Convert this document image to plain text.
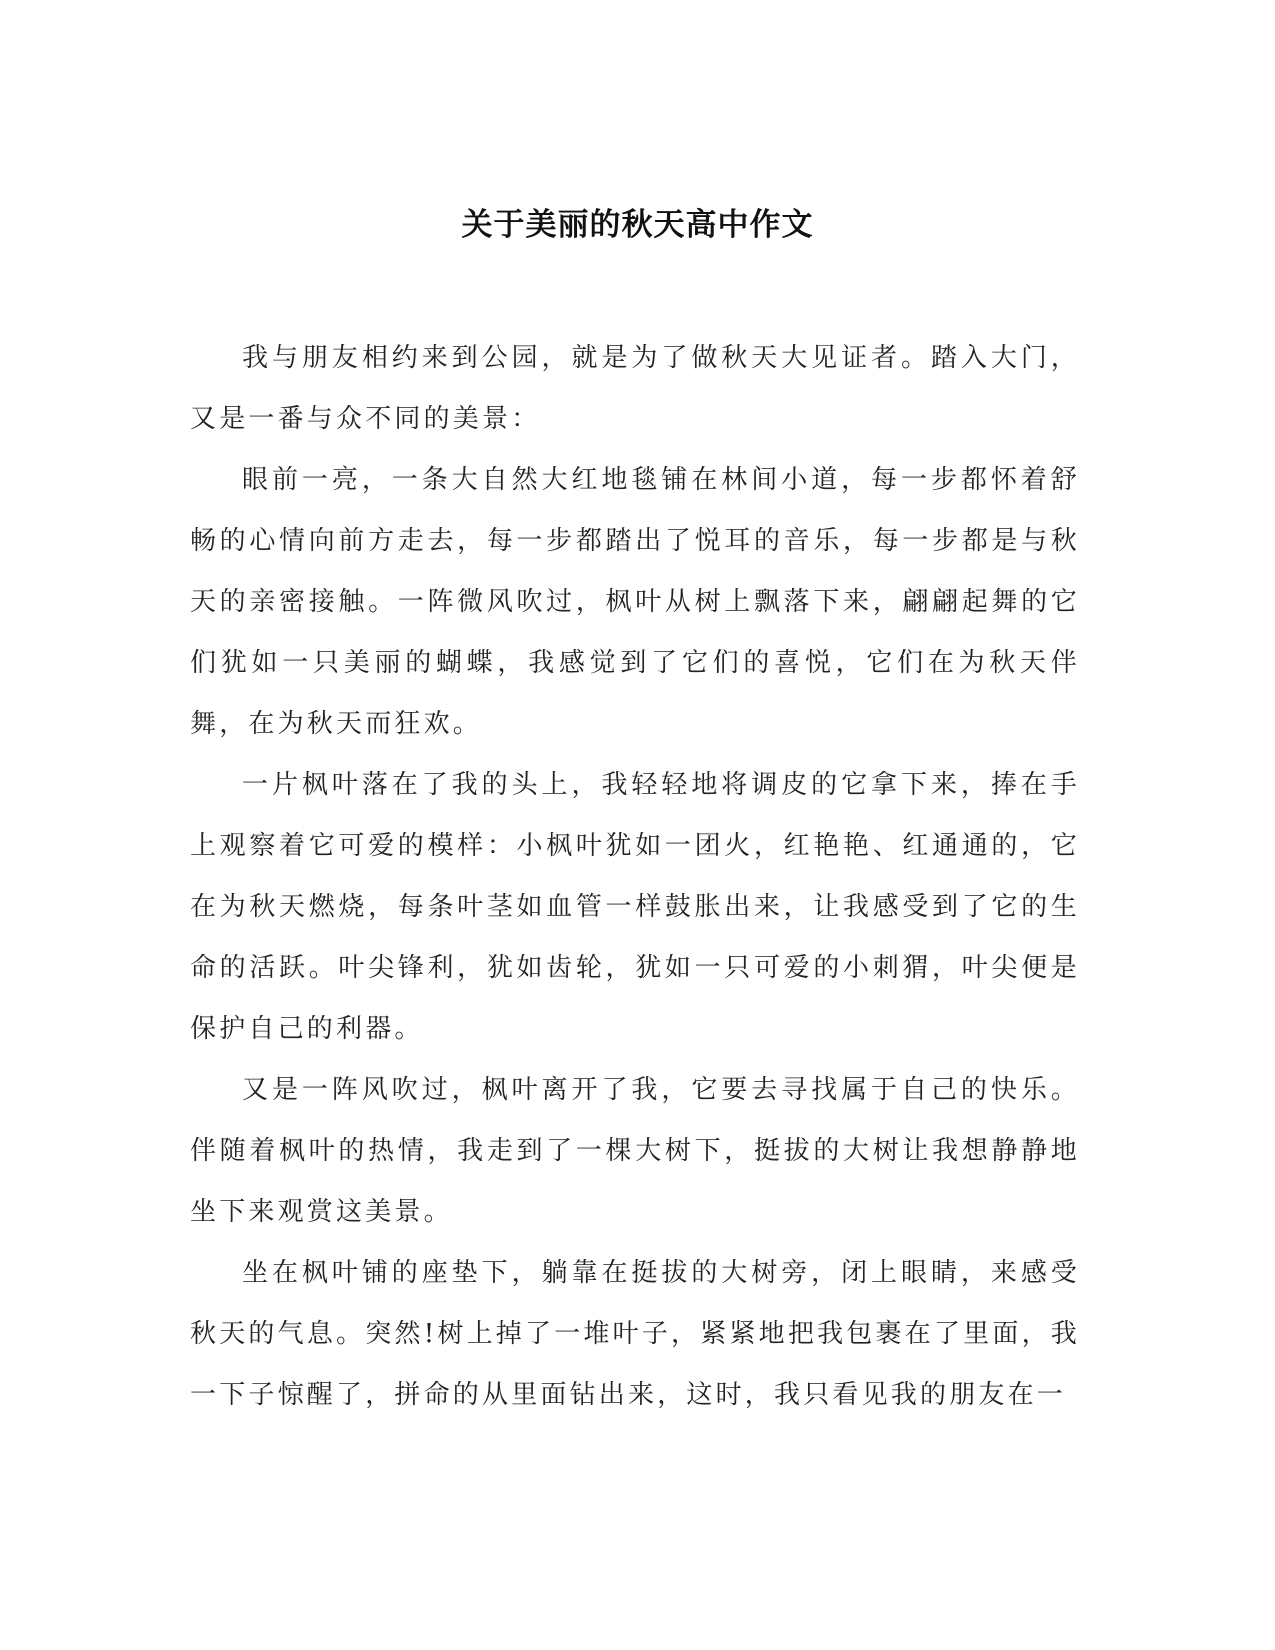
关于美丽的秋天高中作文

我与朋友相约来到公园，就是为了做秋天大见证者。踏入大门，又是一番与众不同的美景：

眼前一亮，一条大自然大红地毯铺在林间小道，每一步都怀着舒畅的心情向前方走去，每一步都踏出了悦耳的音乐，每一步都是与秋天的亲密接触。一阵微风吹过，枫叶从树上飘落下来，翩翩起舞的它们犹如一只美丽的蝴蝶，我感觉到了它们的喜悦，它们在为秋天伴舞，在为秋天而狂欢。

一片枫叶落在了我的头上，我轻轻地将调皮的它拿下来，捧在手上观察着它可爱的模样：小枫叶犹如一团火，红艳艳、红通通的，它在为秋天燃烧，每条叶茎如血管一样鼓胀出来，让我感受到了它的生命的活跃。叶尖锋利，犹如齿轮，犹如一只可爱的小刺猬，叶尖便是保护自己的利器。

又是一阵风吹过，枫叶离开了我，它要去寻找属于自己的快乐。伴随着枫叶的热情，我走到了一棵大树下，挺拔的大树让我想静静地坐下来观赏这美景。

坐在枫叶铺的座垫下，躺靠在挺拔的大树旁，闭上眼睛，来感受秋天的气息。突然!树上掉了一堆叶子，紧紧地把我包裹在了里面，我一下子惊醒了，拼命的从里面钻出来，这时，我只看见我的朋友在一
